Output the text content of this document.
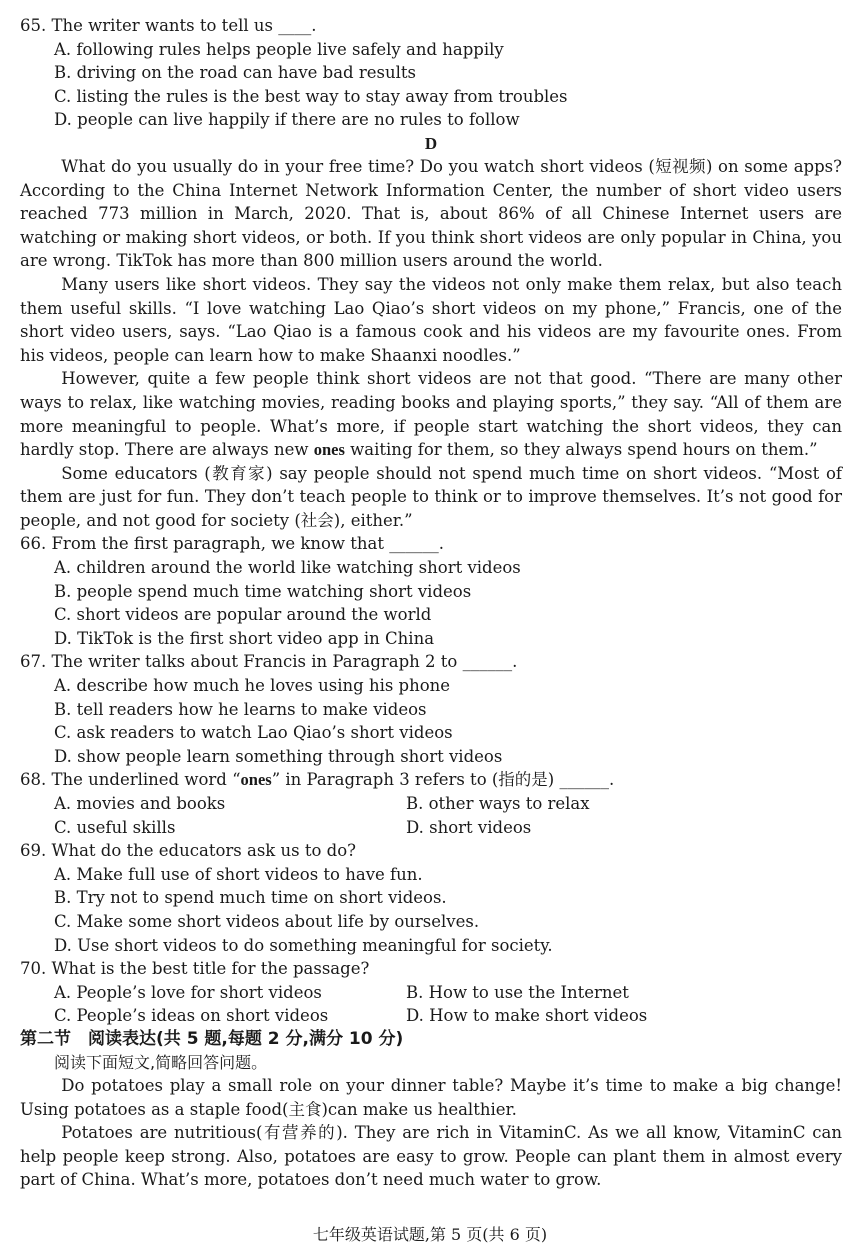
65. The writer wants to tell us ____.
A. following rules helps people live safely and happily
B. driving on the road can have bad results
C. listing the rules is the best way to stay away from troubles
D. people can live happily if there are no rules to follow
D

What do you usually do in your free time? Do you watch short videos (短视频) on some apps? According to the China Internet Network Information Center, the number of short video users reached 773 million in March, 2020. That is, about 86% of all Chinese Internet users are watching or making short videos, or both. If you think short videos are only popular in China, you are wrong. TikTok has more than 800 million users around the world.

Many users like short videos. They say the videos not only make them relax, but also teach them useful skills. “I love watching Lao Qiao’s short videos on my phone,” Francis, one of the short video users, says. “Lao Qiao is a famous cook and his videos are my favourite ones. From his videos, people can learn how to make Shaanxi noodles.”

However, quite a few people think short videos are not that good. “There are many other ways to relax, like watching movies, reading books and playing sports,” they say. “All of them are more meaningful to people. What’s more, if people start watching the short videos, they can hardly stop. There are always new ones waiting for them, so they always spend hours on them.”

Some educators (教育家) say people should not spend much time on short videos. “Most of them are just for fun. They don’t teach people to think or to improve themselves. It’s not good for people, and not good for society (社会), either.”

66. From the first paragraph, we know that ______.
A. children around the world like watching short videos
B. people spend much time watching short videos
C. short videos are popular around the world
D. TikTok is the first short video app in China
67. The writer talks about Francis in Paragraph 2 to ______.
A. describe how much he loves using his phone
B. tell readers how he learns to make videos
C. ask readers to watch Lao Qiao’s short videos
D. show people learn something through short videos
68. The underlined word “ones” in Paragraph 3 refers to (指的是) ______.
A. movies and books	B. other ways to relax
C. useful skills	D. short videos
69. What do the educators ask us to do?
A. Make full use of short videos to have fun.
B. Try not to spend much time on short videos.
C. Make some short videos about life by ourselves.
D. Use short videos to do something meaningful for society.
70. What is the best title for the passage?
A. People’s love for short videos	B. How to use the Internet
C. People’s ideas on short videos	D. How to make short videos
第二节　阅读表达(共 5 题,每题 2 分,满分 10 分)
阅读下面短文,简略回答问题。

Do potatoes play a small role on your dinner table? Maybe it’s time to make a big change! Using potatoes as a staple food(主食)can make us healthier.

Potatoes are nutritious(有营养的). They are rich in VitaminC. As we all know, VitaminC can help people keep strong. Also, potatoes are easy to grow. People can plant them in almost every part of China. What’s more, potatoes don’t need much water to grow.

七年级英语试题,第 5 页(共 6 页)
